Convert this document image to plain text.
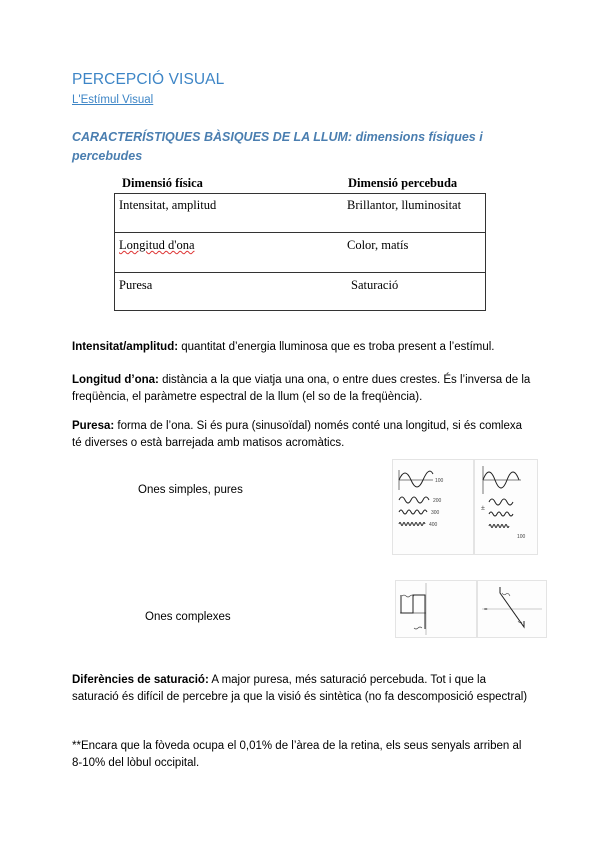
PERCEPCIÓ VISUAL
L'Estímul Visual
CARACTERÍSTIQUES BÀSIQUES DE LA LLUM: dimensions físiques i percebudes
Dimensió física	Dimensió percebuda
Intensitat, amplitud	Brillantor, lluminositat
Longitud d'ona	Color, matís
Puresa	Saturació
Intensitat/amplitud: quantitat d’energia lluminosa que es troba present a l’estímul.
Longitud d’ona: distància a la que viatja una ona, o entre dues crestes. És l’inversa de la freqüència, el paràmetre espectral de la llum (el so de la freqüència).
Puresa: forma de l’ona. Si és pura (sinusoïdal) només conté una longitud, si és comlexa té diverses o està barrejada amb matisos acromàtics.
Ones simples, pures
100
200
300
400
±
100
Ones complexes
=
Diferències de saturació: A major puresa, més saturació percebuda. Tot i que la saturació és difícil de percebre ja que la visió és sintètica (no fa descomposició espectral)
**Encara que la fòveda ocupa el 0,01% de l’àrea de la retina, els seus senyals arriben al 8-10% del lòbul occipital.
